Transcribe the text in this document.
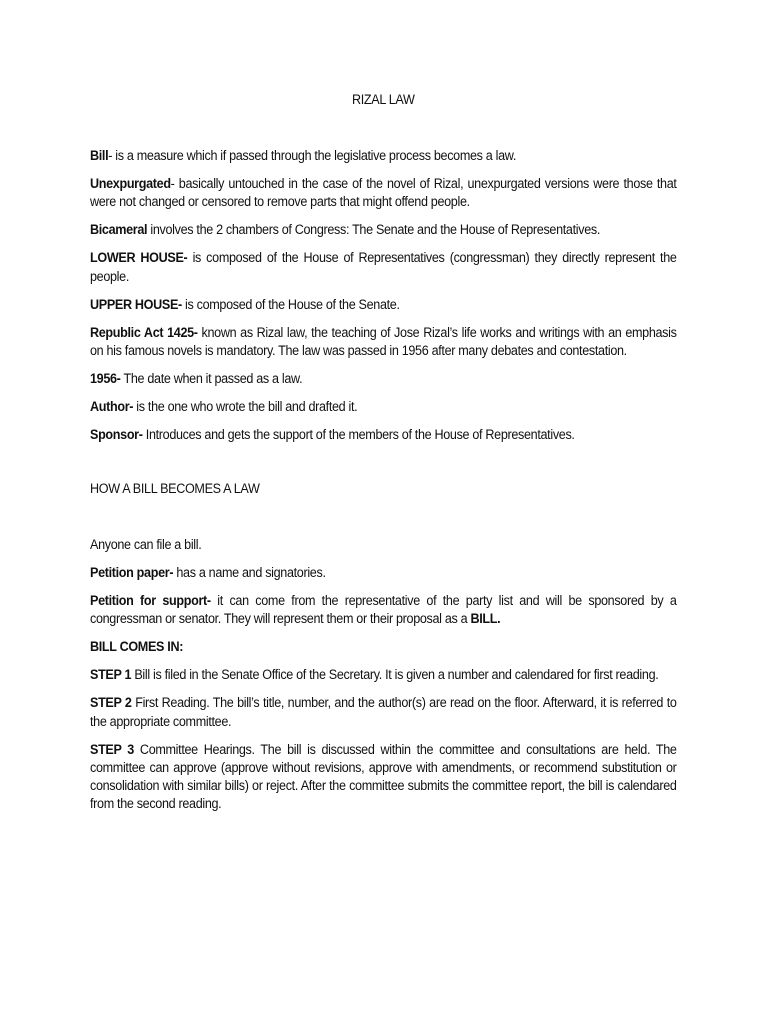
RIZAL LAW

Bill- is a measure which if passed through the legislative process becomes a law.

Unexpurgated- basically untouched in the case of the novel of Rizal, unexpurgated versions were those that were not changed or censored to remove parts that might offend people.

Bicameral involves the 2 chambers of Congress: The Senate and the House of Representatives.

LOWER HOUSE- is composed of the House of Representatives (congressman) they directly represent the people.

UPPER HOUSE- is composed of the House of the Senate.

Republic Act 1425- known as Rizal law, the teaching of Jose Rizal’s life works and writings with an emphasis on his famous novels is mandatory. The law was passed in 1956 after many debates and contestation.

1956- The date when it passed as a law.

Author- is the one who wrote the bill and drafted it.

Sponsor- Introduces and gets the support of the members of the House of Representatives.

HOW A BILL BECOMES A LAW

Anyone can file a bill.

Petition paper- has a name and signatories.

Petition for support- it can come from the representative of the party list and will be sponsored by a congressman or senator. They will represent them or their proposal as a BILL.

BILL COMES IN:

STEP 1 Bill is filed in the Senate Office of the Secretary. It is given a number and calendared for first reading.

STEP 2 First Reading. The bill’s title, number, and the author(s) are read on the floor. Afterward, it is referred to the appropriate committee.

STEP 3 Committee Hearings. The bill is discussed within the committee and consultations are held. The committee can approve (approve without revisions, approve with amendments, or recommend substitution or consolidation with similar bills) or reject. After the committee submits the committee report, the bill is calendared from the second reading.
